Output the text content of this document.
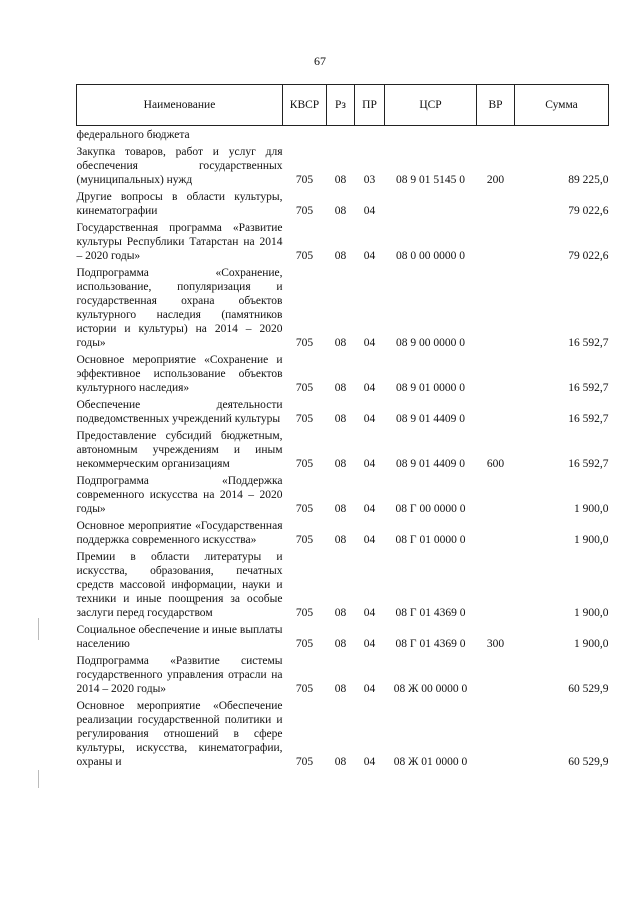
67
Наименование	КВСР	Рз	ПР	ЦСР	ВР	Сумма
федерального бюджета						
Закупка товаров, работ и услуг для обеспечения государственных (муниципальных) нужд	705	08	03	08 9 01 5145 0	200	89 225,0
Другие вопросы в области культуры, кинематографии	705	08	04			79 022,6
Государственная программа «Развитие культуры Республики Татарстан на 2014 – 2020 годы»	705	08	04	08 0 00 0000 0		79 022,6
Подпрограмма «Сохранение, использование, популяризация и государственная охрана объектов культурного наследия (памятников истории и культуры) на 2014 – 2020 годы»	705	08	04	08 9 00 0000 0		16 592,7
Основное мероприятие «Сохранение и эффективное использование объектов культурного наследия»	705	08	04	08 9 01 0000 0		16 592,7
Обеспечение деятельности подведомственных учреждений культуры	705	08	04	08 9 01 4409 0		16 592,7
Предоставление субсидий бюджетным, автономным учреждениям и иным некоммерческим организациям	705	08	04	08 9 01 4409 0	600	16 592,7
Подпрограмма «Поддержка современного искусства на 2014 – 2020 годы»	705	08	04	08 Г 00 0000 0		1 900,0
Основное мероприятие «Государственная поддержка современного искусства»	705	08	04	08 Г 01 0000 0		1 900,0
Премии в области литературы и искусства, образования, печатных средств массовой информации, науки и техники и иные поощрения за особые заслуги перед государством	705	08	04	08 Г 01 4369 0		1 900,0
Социальное обеспечение и иные выплаты населению	705	08	04	08 Г 01 4369 0	300	1 900,0
Подпрограмма «Развитие системы государственного управления отрасли на 2014 – 2020 годы»	705	08	04	08 Ж 00 0000 0		60 529,9
Основное мероприятие «Обеспечение реализации государственной политики и регулирования отношений в сфере культуры, искусства, кинематографии, охраны и	705	08	04	08 Ж 01 0000 0		60 529,9
